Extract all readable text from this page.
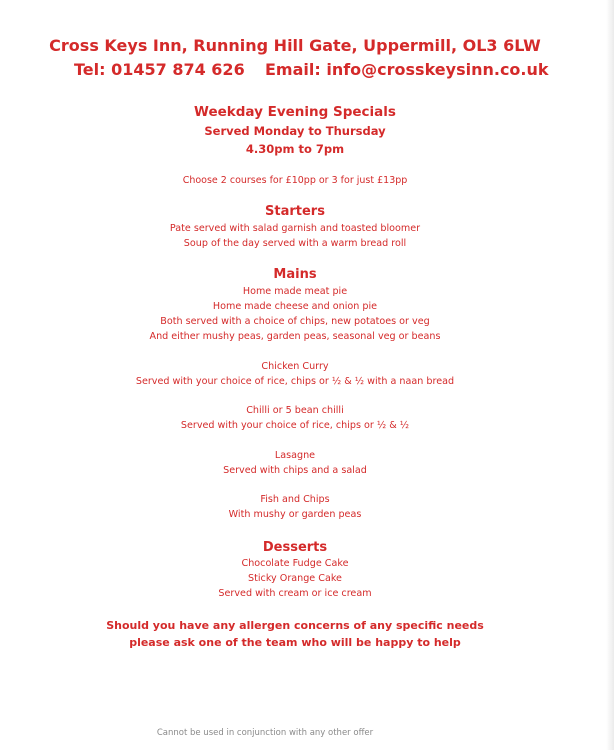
Cross Keys Inn, Running Hill Gate, Uppermill, OL3 6LW
Tel: 01457 874 626 Email: info@crosskeysinn.co.uk
Weekday Evening Specials
Served Monday to Thursday
4.30pm to 7pm
Choose 2 courses for £10pp or 3 for just £13pp
Starters
Pate served with salad garnish and toasted bloomer
Soup of the day served with a warm bread roll
Mains
Home made meat pie
Home made cheese and onion pie
Both served with a choice of chips, new potatoes or veg
And either mushy peas, garden peas, seasonal veg or beans
Chicken Curry
Served with your choice of rice, chips or ½ & ½ with a naan bread
Chilli or 5 bean chilli
Served with your choice of rice, chips or ½ & ½
Lasagne
Served with chips and a salad
Fish and Chips
With mushy or garden peas
Desserts
Chocolate Fudge Cake
Sticky Orange Cake
Served with cream or ice cream
Should you have any allergen concerns of any specific needs
please ask one of the team who will be happy to help
Cannot be used in conjunction with any other offer
